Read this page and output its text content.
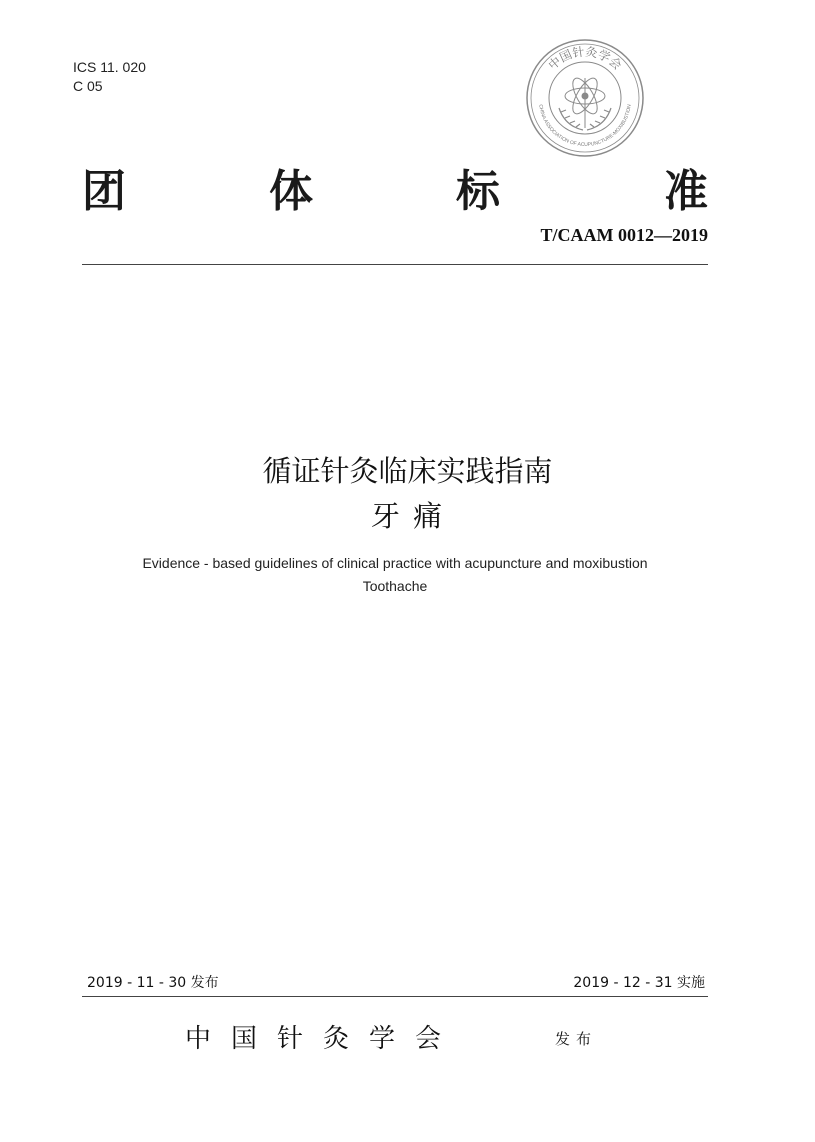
ICS 11. 020
C 05
中国针灸学会
CHINA ASSOCIATION OF ACUPUNCTURE-MOXIBUSTION
团	体	标	准
T/CAAM 0012—2019
循证针灸临床实践指南
牙 痛
Evidence - based guidelines of clinical practice with acupuncture and moxibustion
Toothache
2019 - 11 - 30 发布	2019 - 12 - 31 实施
中国针灸学会	发布
